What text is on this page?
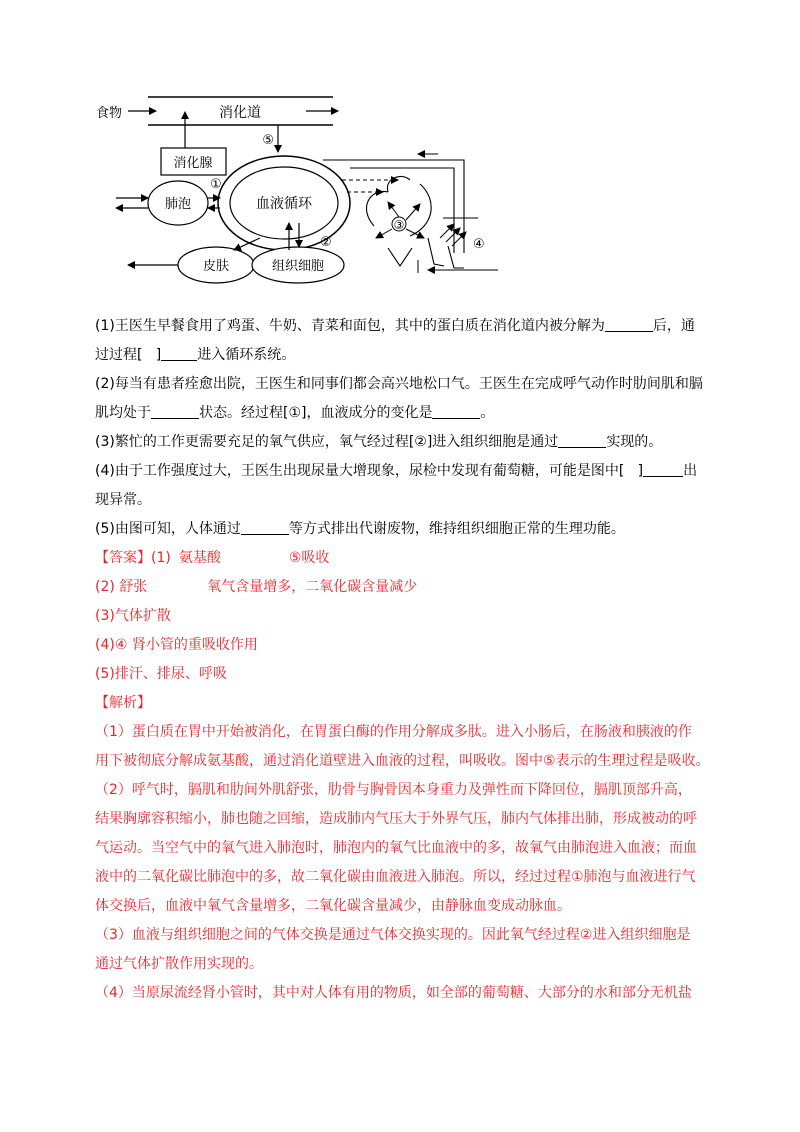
消化道
食物
消化腺
⑤
血液循环
肺泡
①
皮肤	组织细胞
②
③
④
(1)王医生早餐食用了鸡蛋、牛奶、青菜和面包，其中的蛋白质在消化道内被分解为	后，通
过过程[   ]	进入循环系统。
(2)每当有患者痊愈出院，王医生和同事们都会高兴地松口气。王医生在完成呼气动作时肋间肌和膈
肌均处于	状态。经过程[①]，血液成分的变化是	。
(3)繁忙的工作更需要充足的氧气供应，氧气经过程[②]进入组织细胞是通过	实现的。
(4)由于工作强度过大，王医生出现尿量大增现象，尿检中发现有葡萄糖，可能是图中[   ]	出
现异常。
(5)由图可知，人体通过	等方式排出代谢废物，维持组织细胞正常的生理功能。
【答案】(1) 氨基酸	⑤吸收
(2) 舒张	氧气含量增多，二氧化碳含量减少
(3)气体扩散
(4)④ 肾小管的重吸收作用
(5)排汗、排尿、呼吸
【解析】
（1）蛋白质在胃中开始被消化，在胃蛋白酶的作用分解成多肽。进入小肠后，在肠液和胰液的作
用下被彻底分解成氨基酸，通过消化道壁进入血液的过程，叫吸收。图中⑤表示的生理过程是吸收。
（2）呼气时，膈肌和肋间外肌舒张，肋骨与胸骨因本身重力及弹性而下降回位，膈肌顶部升高，
结果胸廓容积缩小，肺也随之回缩，造成肺内气压大于外界气压，肺内气体排出肺，形成被动的呼
气运动。当空气中的氧气进入肺泡时，肺泡内的氧气比血液中的多，故氧气由肺泡进入血液；而血
液中的二氧化碳比肺泡中的多，故二氧化碳由血液进入肺泡。所以，经过过程①肺泡与血液进行气
体交换后，血液中氧气含量增多，二氧化碳含量减少，由静脉血变成动脉血。
（3）血液与组织细胞之间的气体交换是通过气体交换实现的。因此氧气经过程②进入组织细胞是
通过气体扩散作用实现的。
（4）当原尿流经肾小管时，其中对人体有用的物质，如全部的葡萄糖、大部分的水和部分无机盐
